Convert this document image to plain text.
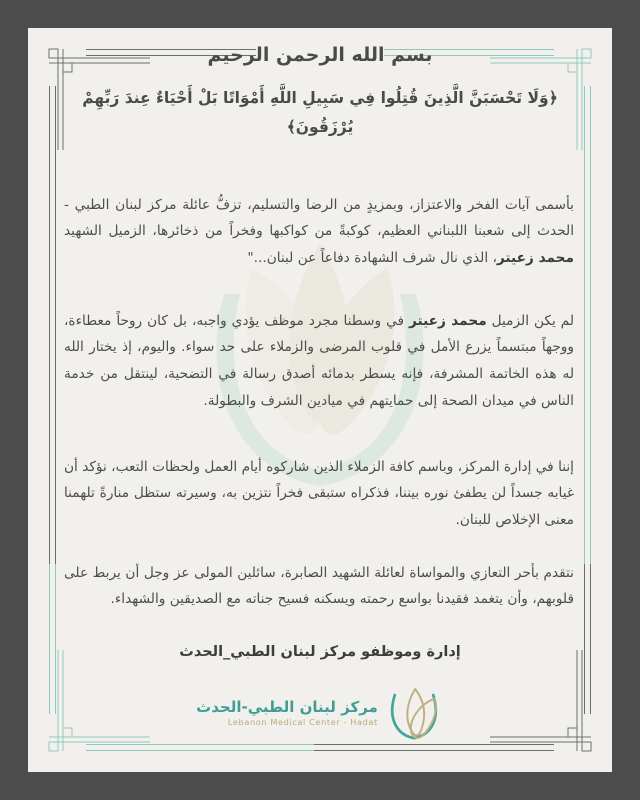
بسم الله الرحمن الرحيم
﴿وَلَا تَحْسَبَنَّ الَّذِينَ قُتِلُوا فِي سَبِيلِ اللَّهِ أَمْوَاتًا بَلْ أَحْيَاءٌ عِندَ رَبِّهِمْ يُرْزَقُونَ﴾

بأسمى آيات الفخر والاعتزاز، وبمزيدٍ من الرضا والتسليم، تزفُّ عائلة مركز لبنان الطبي - الحدث إلى شعبنا اللبناني العظيم، كوكبةً من كواكبها وفخراً من ذخائرها، الزميل الشهيد محمد زعيتر، الذي نال شرف الشهادة دفاعاً عن لبنان..."

لم يكن الزميل محمد زعيتر في وسطنا مجرد موظف يؤدي واجبه، بل كان روحاً معطاءة، ووجهاً مبتسماً يزرع الأمل في قلوب المرضى والزملاء على حد سواء. واليوم، إذ يختار الله له هذه الخاتمة المشرفة، فإنه يسطر بدمائه أصدق رسالة في التضحية، لينتقل من خدمة الناس في ميدان الصحة إلى حمايتهم في ميادين الشرف والبطولة.

إننا في إدارة المركز، وباسم كافة الزملاء الذين شاركوه أيام العمل ولحظات التعب، نؤكد أن غيابه جسداً لن يطفئ نوره بيننا، فذكراه ستبقى فخراً نتزين به، وسيرته ستظل منارةً تلهمنا معنى الإخلاص للبنان.

نتقدم بأحر التعازي والمواساة لعائلة الشهيد الصابرة، سائلين المولى عز وجل أن يربط على قلوبهم، وأن يتغمد فقيدنا بواسع رحمته ويسكنه فسيح جناته مع الصديقين والشهداء.

إدارة وموظفو مركز لبنان الطبي_الحدث
مركز لبنان الطبي-الحدث
Lebanon Medical Center - Hadat
